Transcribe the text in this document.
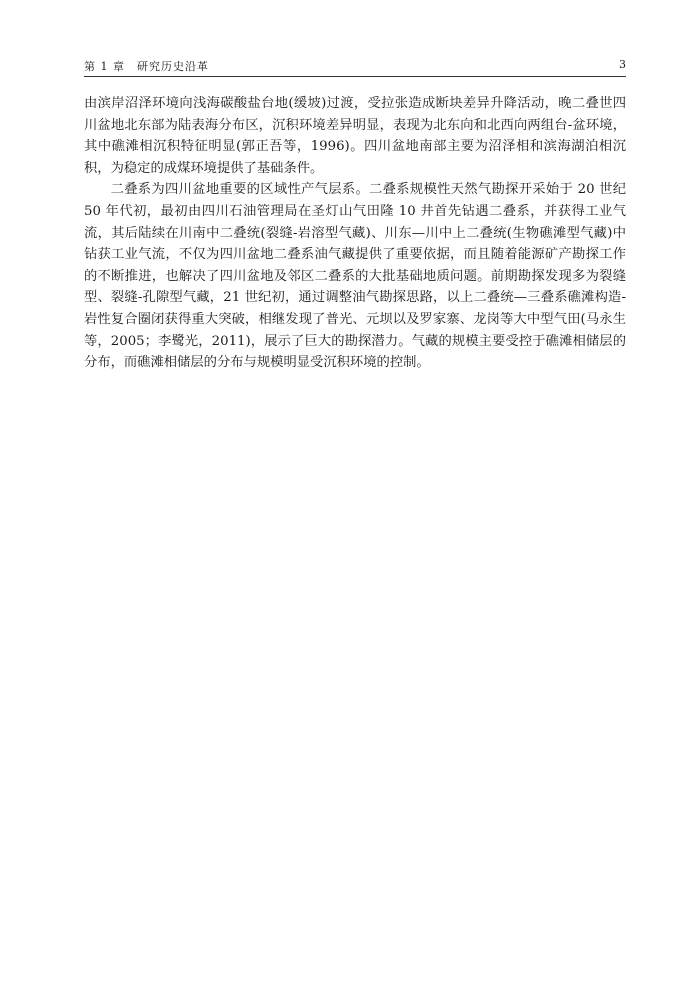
第 1 章　研究历史沿革	3

由滨岸沼泽环境向浅海碳酸盐台地(缓坡)过渡，受拉张造成断块差异升降活动，晚二叠世四川盆地北东部为陆表海分布区，沉积环境差异明显，表现为北东向和北西向两组台-盆环境，其中礁滩相沉积特征明显(郭正吾等，1996)。四川盆地南部主要为沼泽相和滨海湖泊相沉积，为稳定的成煤环境提供了基础条件。

二叠系为四川盆地重要的区域性产气层系。二叠系规模性天然气勘探开采始于 20 世纪 50 年代初，最初由四川石油管理局在圣灯山气田隆 10 井首先钻遇二叠系，并获得工业气流，其后陆续在川南中二叠统(裂缝-岩溶型气藏)、川东—川中上二叠统(生物礁滩型气藏)中钻获工业气流，不仅为四川盆地二叠系油气藏提供了重要依据，而且随着能源矿产勘探工作的不断推进，也解决了四川盆地及邻区二叠系的大批基础地质问题。前期勘探发现多为裂缝型、裂缝-孔隙型气藏，21 世纪初，通过调整油气勘探思路，以上二叠统—三叠系礁滩构造-岩性复合圈闭获得重大突破，相继发现了普光、元坝以及罗家寨、龙岗等大中型气田(马永生等，2005；李鹭光，2011)，展示了巨大的勘探潜力。气藏的规模主要受控于礁滩相储层的分布，而礁滩相储层的分布与规模明显受沉积环境的控制。
